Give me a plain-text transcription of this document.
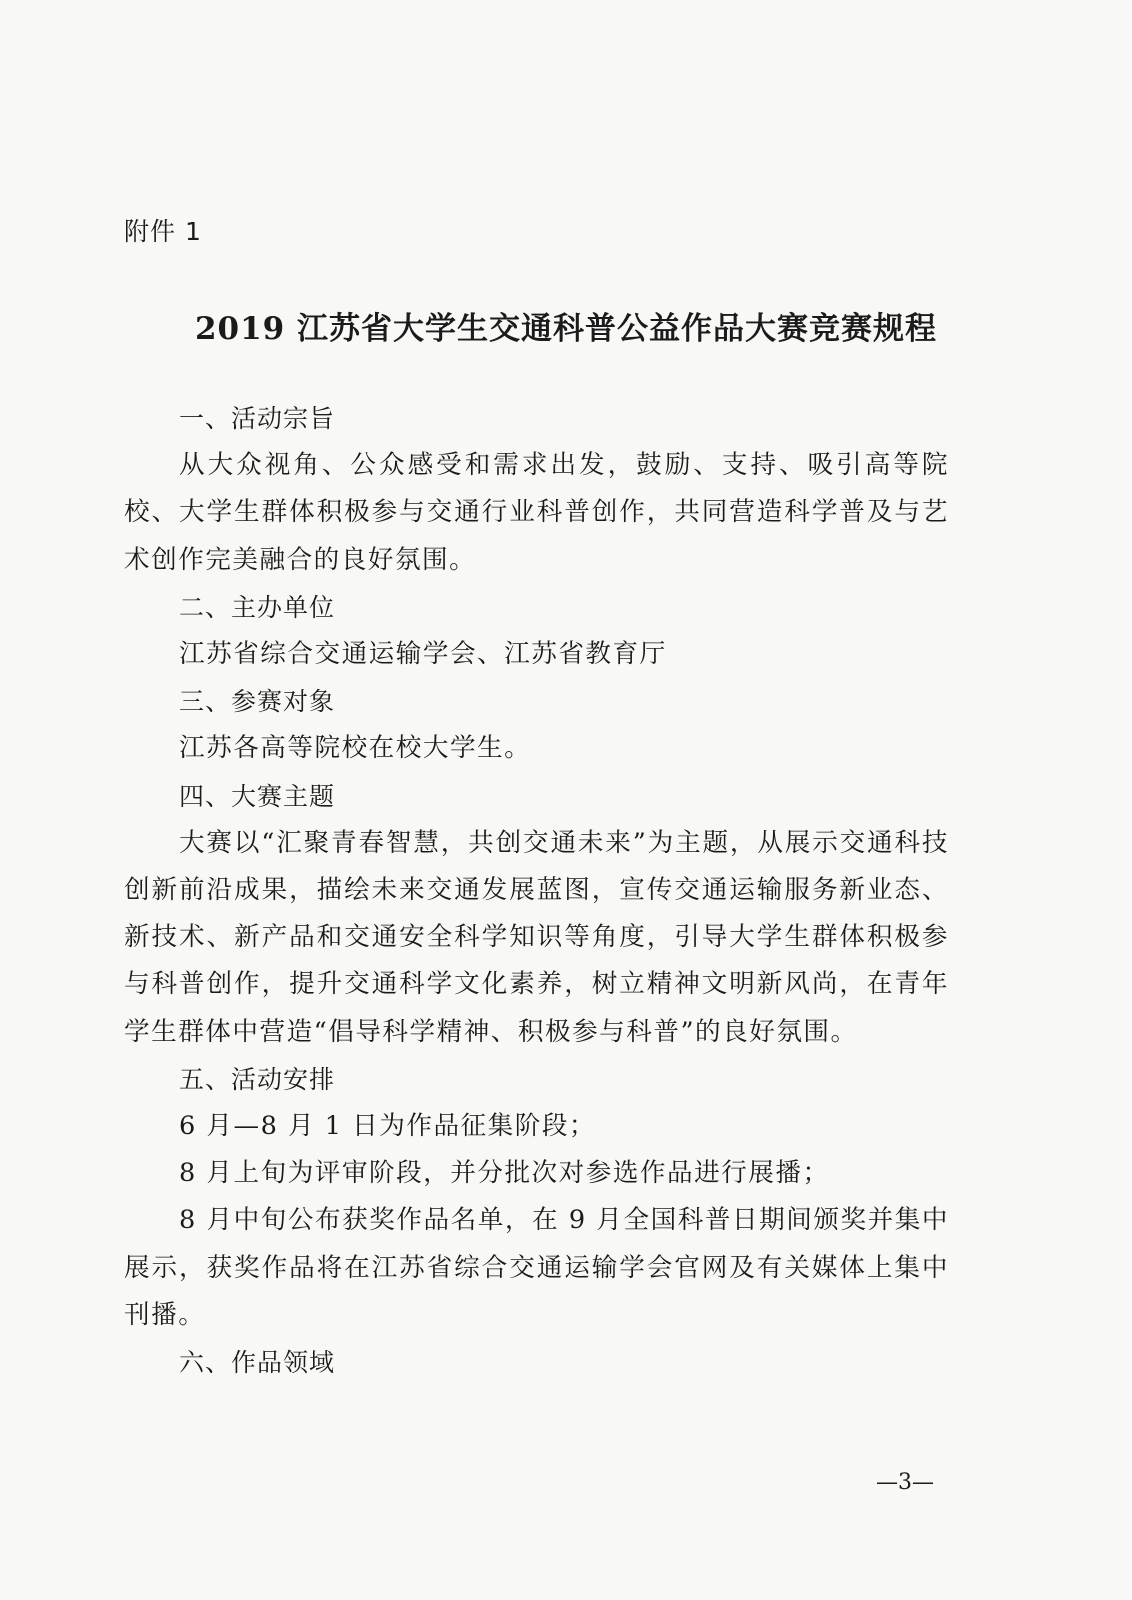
附件 1

2019 江苏省大学生交通科普公益作品大赛竞赛规程

一、活动宗旨

从大众视角、公众感受和需求出发，鼓励、支持、吸引高等院校、大学生群体积极参与交通行业科普创作，共同营造科学普及与艺术创作完美融合的良好氛围。

二、主办单位

江苏省综合交通运输学会、江苏省教育厅

三、参赛对象

江苏各高等院校在校大学生。

四、大赛主题

大赛以“汇聚青春智慧，共创交通未来”为主题，从展示交通科技创新前沿成果，描绘未来交通发展蓝图，宣传交通运输服务新业态、新技术、新产品和交通安全科学知识等角度，引导大学生群体积极参与科普创作，提升交通科学文化素养，树立精神文明新风尚，在青年学生群体中营造“倡导科学精神、积极参与科普”的良好氛围。

五、活动安排

6 月—8 月 1 日为作品征集阶段；

8 月上旬为评审阶段，并分批次对参选作品进行展播；

8 月中旬公布获奖作品名单，在 9 月全国科普日期间颁奖并集中展示，获奖作品将在江苏省综合交通运输学会官网及有关媒体上集中刊播。

六、作品领域

—3—
